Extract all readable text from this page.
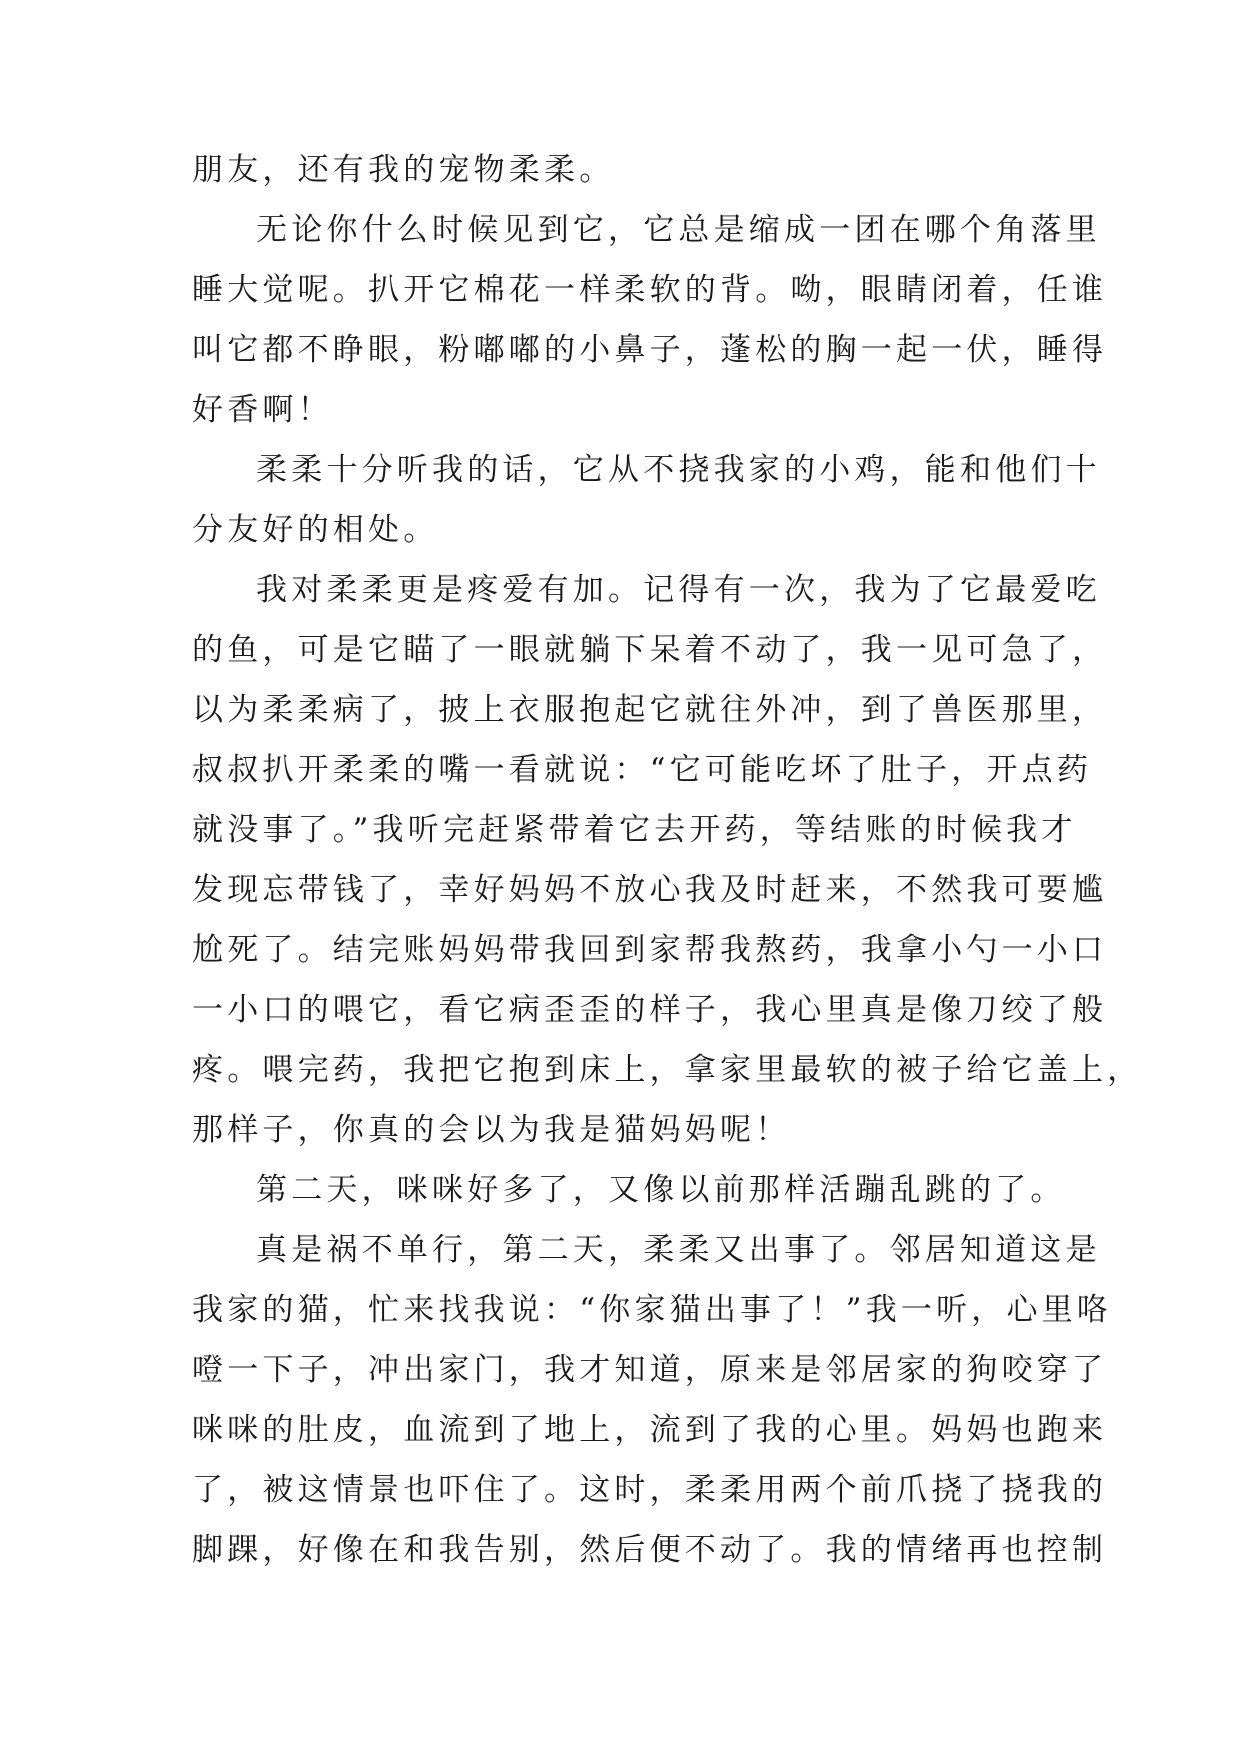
朋友，还有我的宠物柔柔。
无论你什么时候见到它，它总是缩成一团在哪个角落里
睡大觉呢。扒开它棉花一样柔软的背。呦，眼睛闭着，任谁
叫它都不睁眼，粉嘟嘟的小鼻子，蓬松的胸一起一伏，睡得
好香啊！
柔柔十分听我的话，它从不挠我家的小鸡，能和他们十
分友好的相处。
我对柔柔更是疼爱有加。记得有一次，我为了它最爱吃
的鱼，可是它瞄了一眼就躺下呆着不动了，我一见可急了，
以为柔柔病了，披上衣服抱起它就往外冲，到了兽医那里，
叔叔扒开柔柔的嘴一看就说：“它可能吃坏了肚子，开点药
就没事了。”我听完赶紧带着它去开药，等结账的时候我才
发现忘带钱了，幸好妈妈不放心我及时赶来，不然我可要尴
尬死了。结完账妈妈带我回到家帮我熬药，我拿小勺一小口
一小口的喂它，看它病歪歪的样子，我心里真是像刀绞了般
疼。喂完药，我把它抱到床上，拿家里最软的被子给它盖上，
那样子，你真的会以为我是猫妈妈呢！
第二天，咪咪好多了，又像以前那样活蹦乱跳的了。
真是祸不单行，第二天，柔柔又出事了。邻居知道这是
我家的猫，忙来找我说：“你家猫出事了！”我一听，心里咯
噔一下子，冲出家门，我才知道，原来是邻居家的狗咬穿了
咪咪的肚皮，血流到了地上，流到了我的心里。妈妈也跑来
了，被这情景也吓住了。这时，柔柔用两个前爪挠了挠我的
脚踝，好像在和我告别，然后便不动了。我的情绪再也控制
